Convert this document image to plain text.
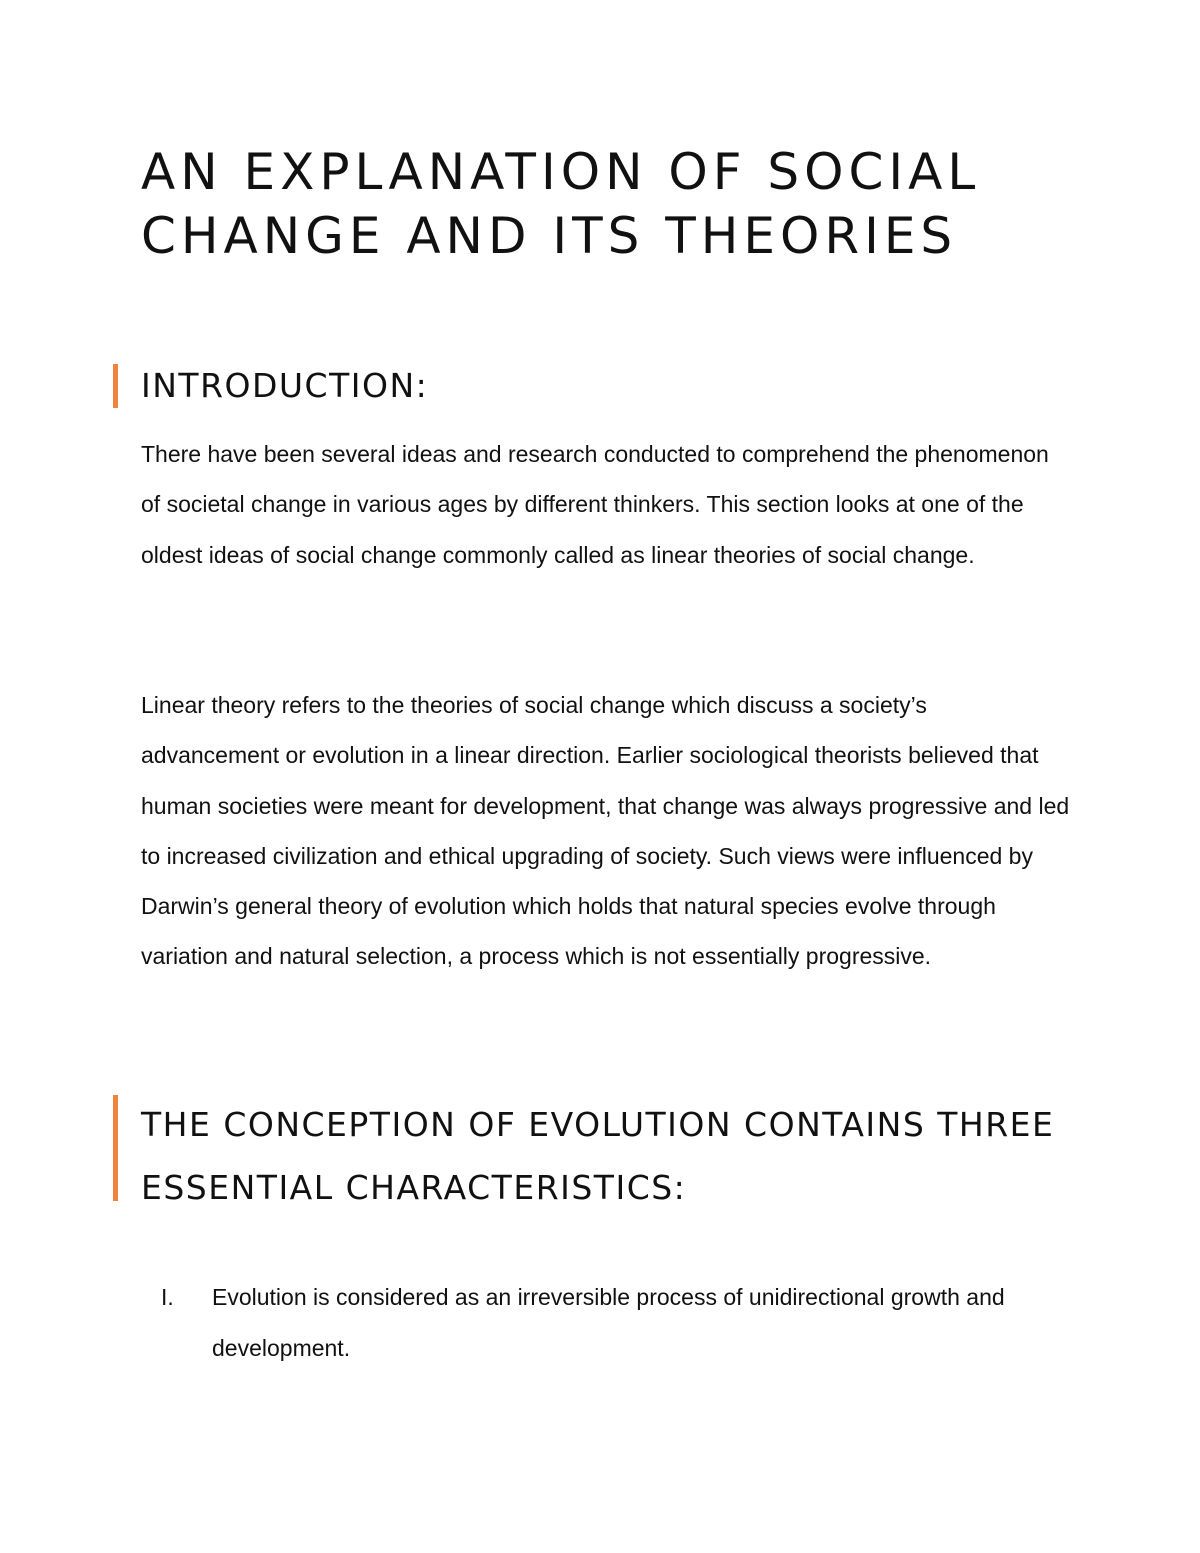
AN EXPLANATION OF SOCIAL CHANGE AND ITS THEORIES
INTRODUCTION:

There have been several ideas and research conducted to comprehend the phenomenon of societal change in various ages by different thinkers. This section looks at one of the oldest ideas of social change commonly called as linear theories of social change.

Linear theory refers to the theories of social change which discuss a society’s advancement or evolution in a linear direction. Earlier sociological theorists believed that human societies were meant for development, that change was always progressive and led to increased civilization and ethical upgrading of society. Such views were influenced by Darwin’s general theory of evolution which holds that natural species evolve through variation and natural selection, a process which is not essentially progressive.

THE CONCEPTION OF EVOLUTION CONTAINS THREE ESSENTIAL CHARACTERISTICS:
I. Evolution is considered as an irreversible process of unidirectional growth and development.
